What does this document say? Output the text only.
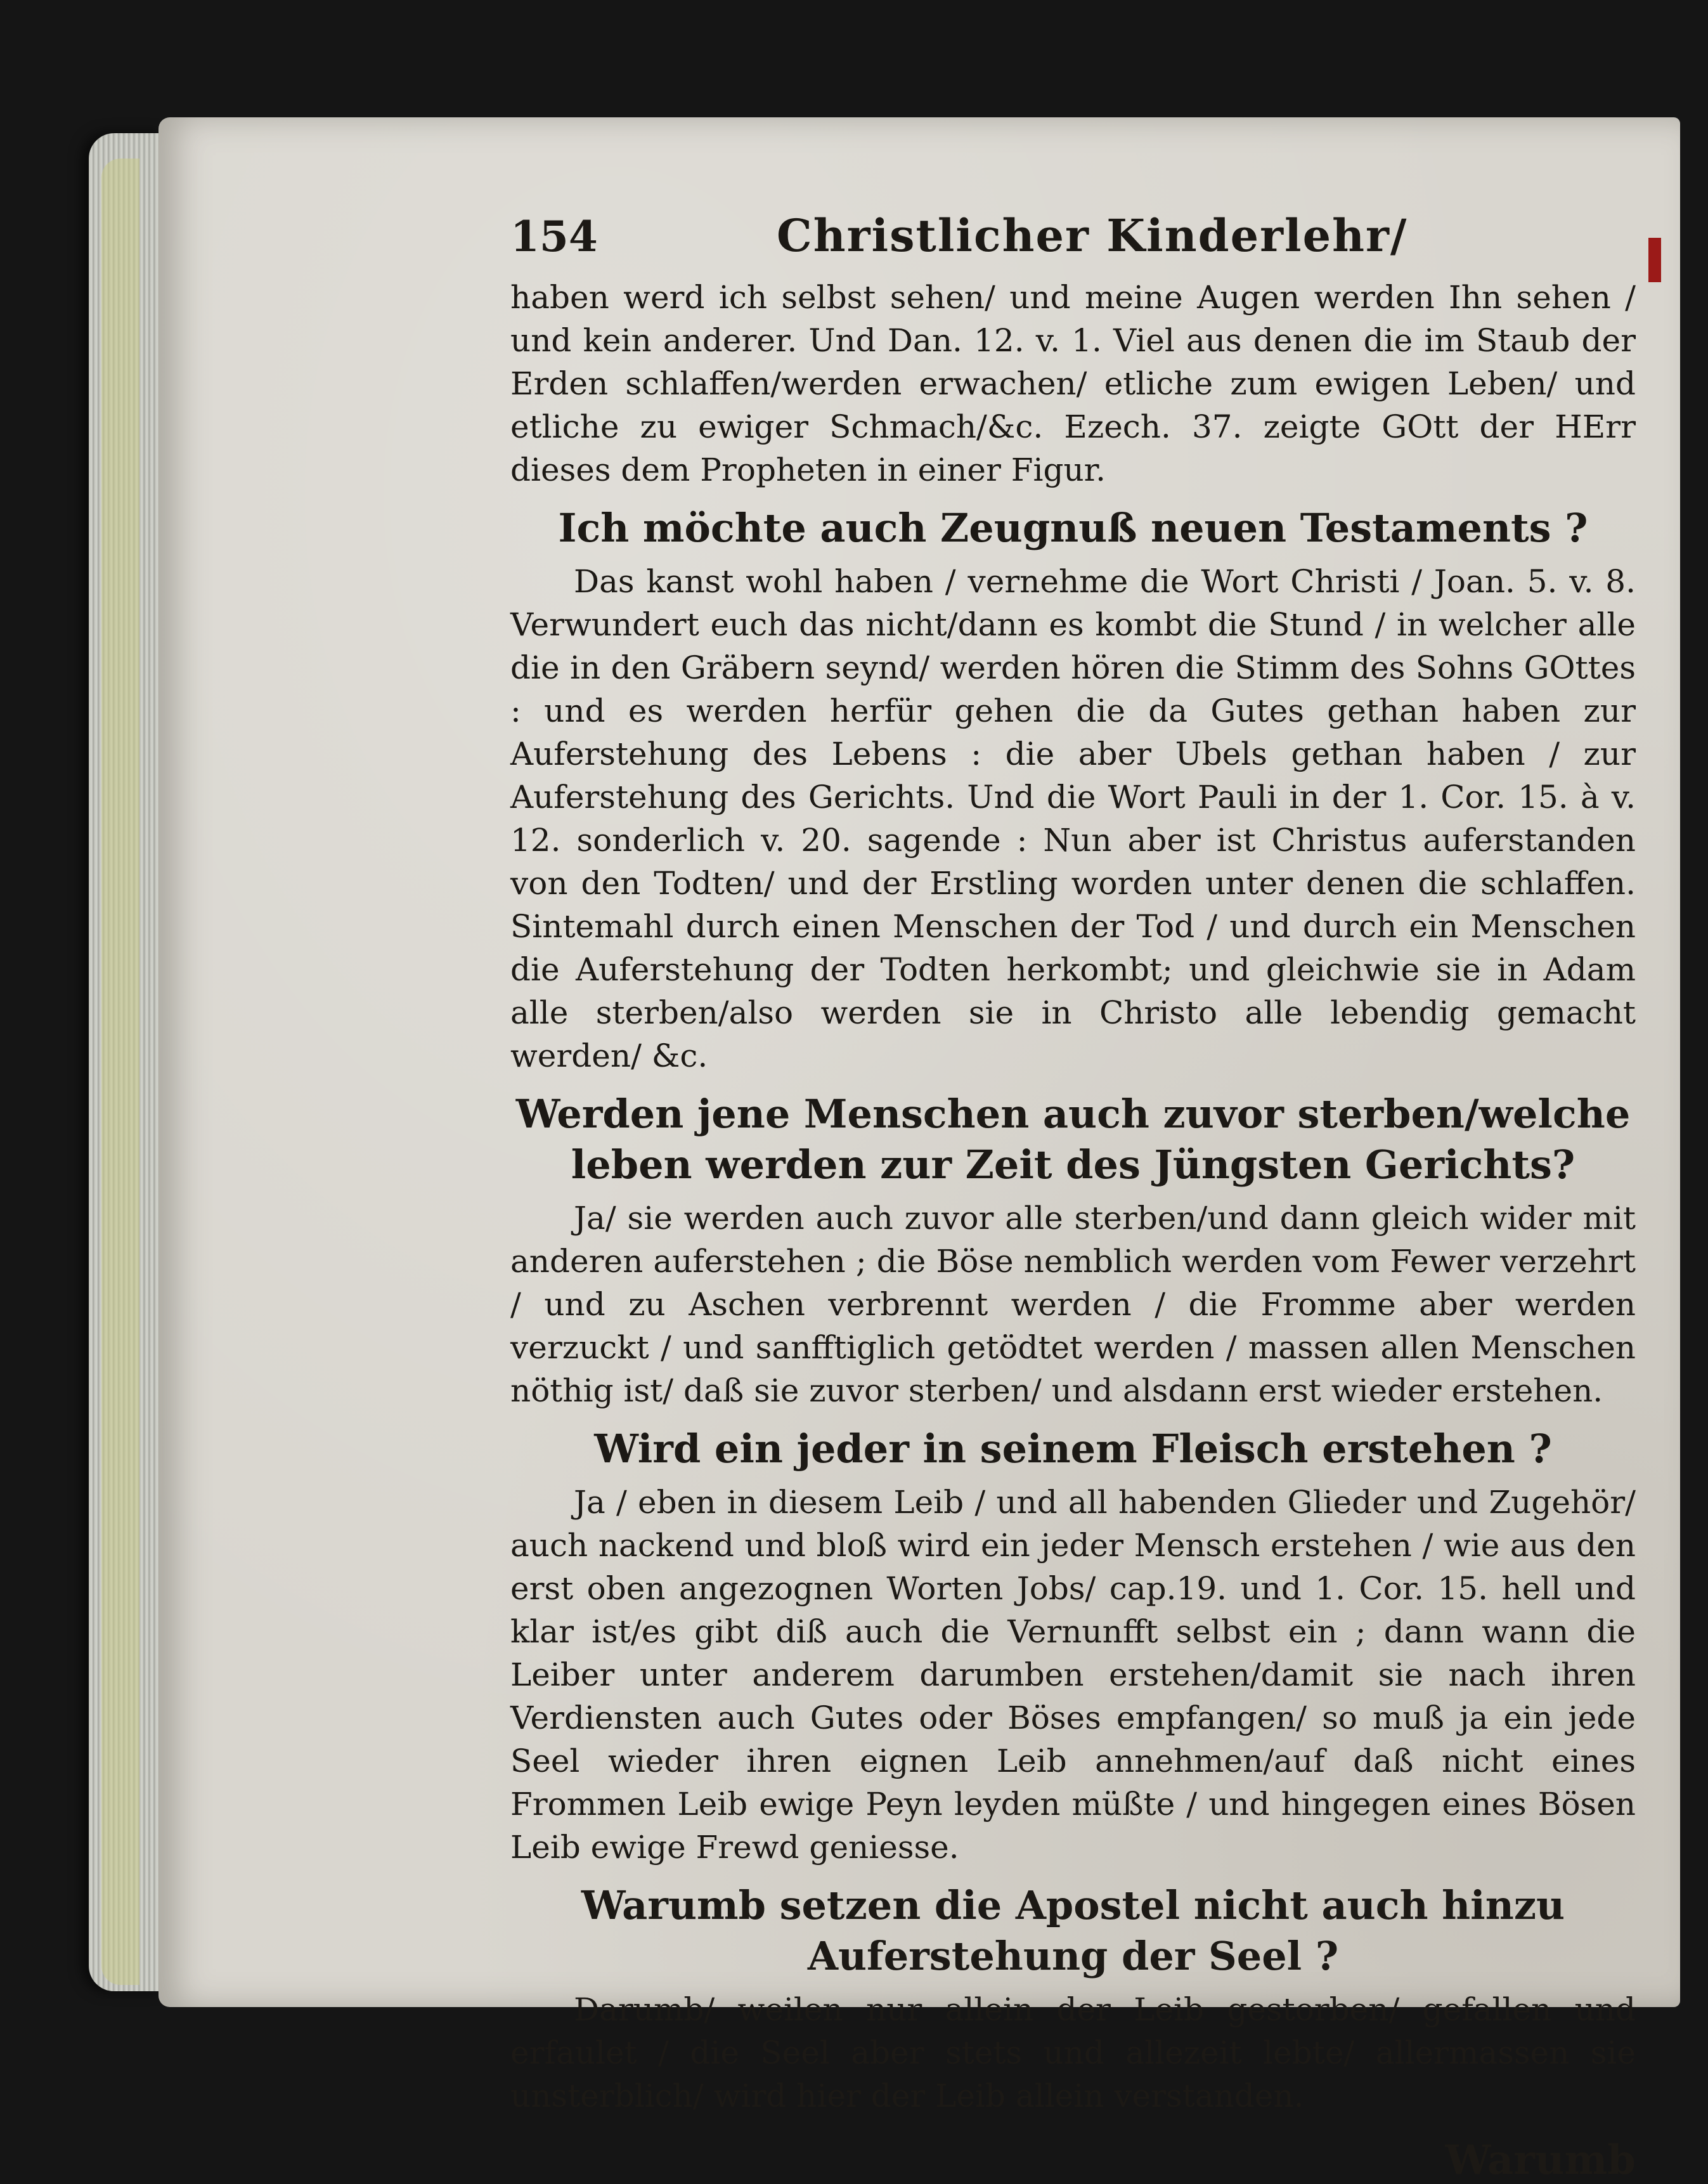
154	Christlicher Kinderlehr/

haben werd ich selbst sehen/ und meine Augen werden Ihn sehen / und kein anderer. Und Dan. 12. v. 1. Viel aus denen die im Staub der Erden schlaffen/werden erwachen/ etliche zum ewigen Leben/ und etliche zu ewiger Schmach/&c. Ezech. 37. zeigte GOtt der HErr dieses dem Propheten in einer Figur.

Ich möchte auch Zeugnuß neuen Testaments ?

Das kanst wohl haben / vernehme die Wort Christi / Joan. 5. v. 8. Verwundert euch das nicht/dann es kombt die Stund / in welcher alle die in den Gräbern seynd/ werden hören die Stimm des Sohns GOttes : und es werden herfür gehen die da Gutes gethan haben zur Auferstehung des Lebens : die aber Ubels gethan haben / zur Auferstehung des Gerichts. Und die Wort Pauli in der 1. Cor. 15. à v. 12. sonderlich v. 20. sagende : Nun aber ist Christus auferstanden von den Todten/ und der Erstling worden unter denen die schlaffen. Sintemahl durch einen Menschen der Tod / und durch ein Menschen die Auferstehung der Todten herkombt; und gleichwie sie in Adam alle sterben/also werden sie in Christo alle lebendig gemacht werden/ &c.

Werden jene Menschen auch zuvor sterben/welche leben werden zur Zeit des Jüngsten Gerichts?

Ja/ sie werden auch zuvor alle sterben/und dann gleich wider mit anderen auferstehen ; die Böse nemblich werden vom Fewer verzehrt / und zu Aschen verbrennt werden / die Fromme aber werden verzuckt / und sanfftiglich getödtet werden / massen allen Menschen nöthig ist/ daß sie zuvor sterben/ und alsdann erst wieder erstehen.

Wird ein jeder in seinem Fleisch erstehen ?

Ja / eben in diesem Leib / und all habenden Glieder und Zugehör/ auch nackend und bloß wird ein jeder Mensch erstehen / wie aus den erst oben angezognen Worten Jobs/ cap.19. und 1. Cor. 15. hell und klar ist/es gibt diß auch die Vernunfft selbst ein ; dann wann die Leiber unter anderem darumben erstehen/damit sie nach ihren Verdiensten auch Gutes oder Böses empfangen/ so muß ja ein jede Seel wieder ihren eignen Leib annehmen/auf daß nicht eines Frommen Leib ewige Peyn leyden müßte / und hingegen eines Bösen Leib ewige Frewd geniesse.

Warumb setzen die Apostel nicht auch hinzu Auferstehung der Seel ?

Darumb/ weilen nur allein der Leib gestorben/ gefallen und erfaulet / die Seel aber stets und allezeit lebte/ allermassen sie unsterblich/ wird hier der Leib allein verstanden.

Warumb
